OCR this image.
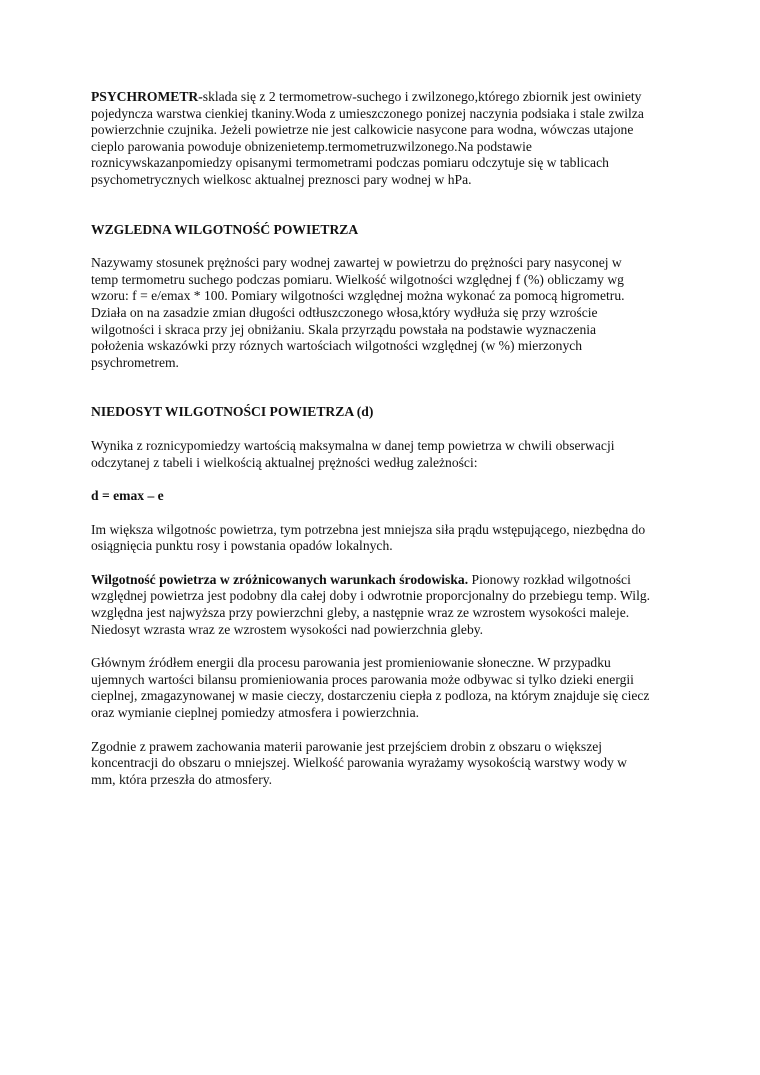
PSYCHROMETR-sklada się z 2 termometrow-suchego i zwilzonego,którego zbiornik jest owiniety
pojedyncza warstwa cienkiej tkaniny.Woda z umieszczonego ponizej naczynia podsiaka i stale zwilza
powierzchnie czujnika. Jeżeli powietrze nie jest calkowicie nasycone para wodna, wówczas utajone
cieplo parowania powoduje obnizenietemp.termometruzwilzonego.Na podstawie
roznicywskazanpomiedzy opisanymi termometrami podczas pomiaru odczytuje się w tablicach
psychometrycznych wielkosc aktualnej preznosci pary wodnej w hPa.
WZGLEDNA WILGOTNOŚĆ POWIETRZA
Nazywamy stosunek prężności pary wodnej zawartej w powietrzu do prężności pary nasyconej w
temp termometru suchego podczas pomiaru. Wielkość wilgotności względnej f (%) obliczamy wg
wzoru: f = e/emax * 100. Pomiary wilgotności względnej można wykonać za pomocą higrometru.
Działa on na zasadzie zmian długości odtłuszczonego włosa,który wydłuża się przy wzroście
wilgotności i skraca przy jej obniżaniu. Skala przyrządu powstała na podstawie wyznaczenia
położenia wskazówki przy róznych wartościach wilgotności względnej (w %) mierzonych
psychrometrem.
NIEDOSYT WILGOTNOŚCI POWIETRZA (d)
Wynika z roznicypomiedzy wartością maksymalna w danej temp powietrza w chwili obserwacji
odczytanej z tabeli i wielkością aktualnej prężności według zależności:
d = emax – e
Im większa wilgotnośc powietrza, tym potrzebna jest mniejsza siła prądu wstępującego, niezbędna do
osiągnięcia punktu rosy i powstania opadów lokalnych.
Wilgotność powietrza w zróżnicowanych warunkach środowiska. Pionowy rozkład wilgotności
względnej powietrza jest podobny dla całej doby i odwrotnie proporcjonalny do przebiegu temp. Wilg.
względna jest najwyższa przy powierzchni gleby, a następnie wraz ze wzrostem wysokości maleje.
Niedosyt wzrasta wraz ze wzrostem wysokości nad powierzchnia gleby.
Głównym źródłem energii dla procesu parowania jest promieniowanie słoneczne. W przypadku
ujemnych wartości bilansu promieniowania proces parowania może odbywac si tylko dzieki energii
cieplnej, zmagazynowanej w masie cieczy, dostarczeniu ciepła z podloza, na którym znajduje się ciecz
oraz wymianie cieplnej pomiedzy atmosfera i powierzchnia.
Zgodnie z prawem zachowania materii parowanie jest przejściem drobin z obszaru o większej
koncentracji do obszaru o mniejszej. Wielkość parowania wyrażamy wysokością warstwy wody w
mm, która przeszła do atmosfery.
